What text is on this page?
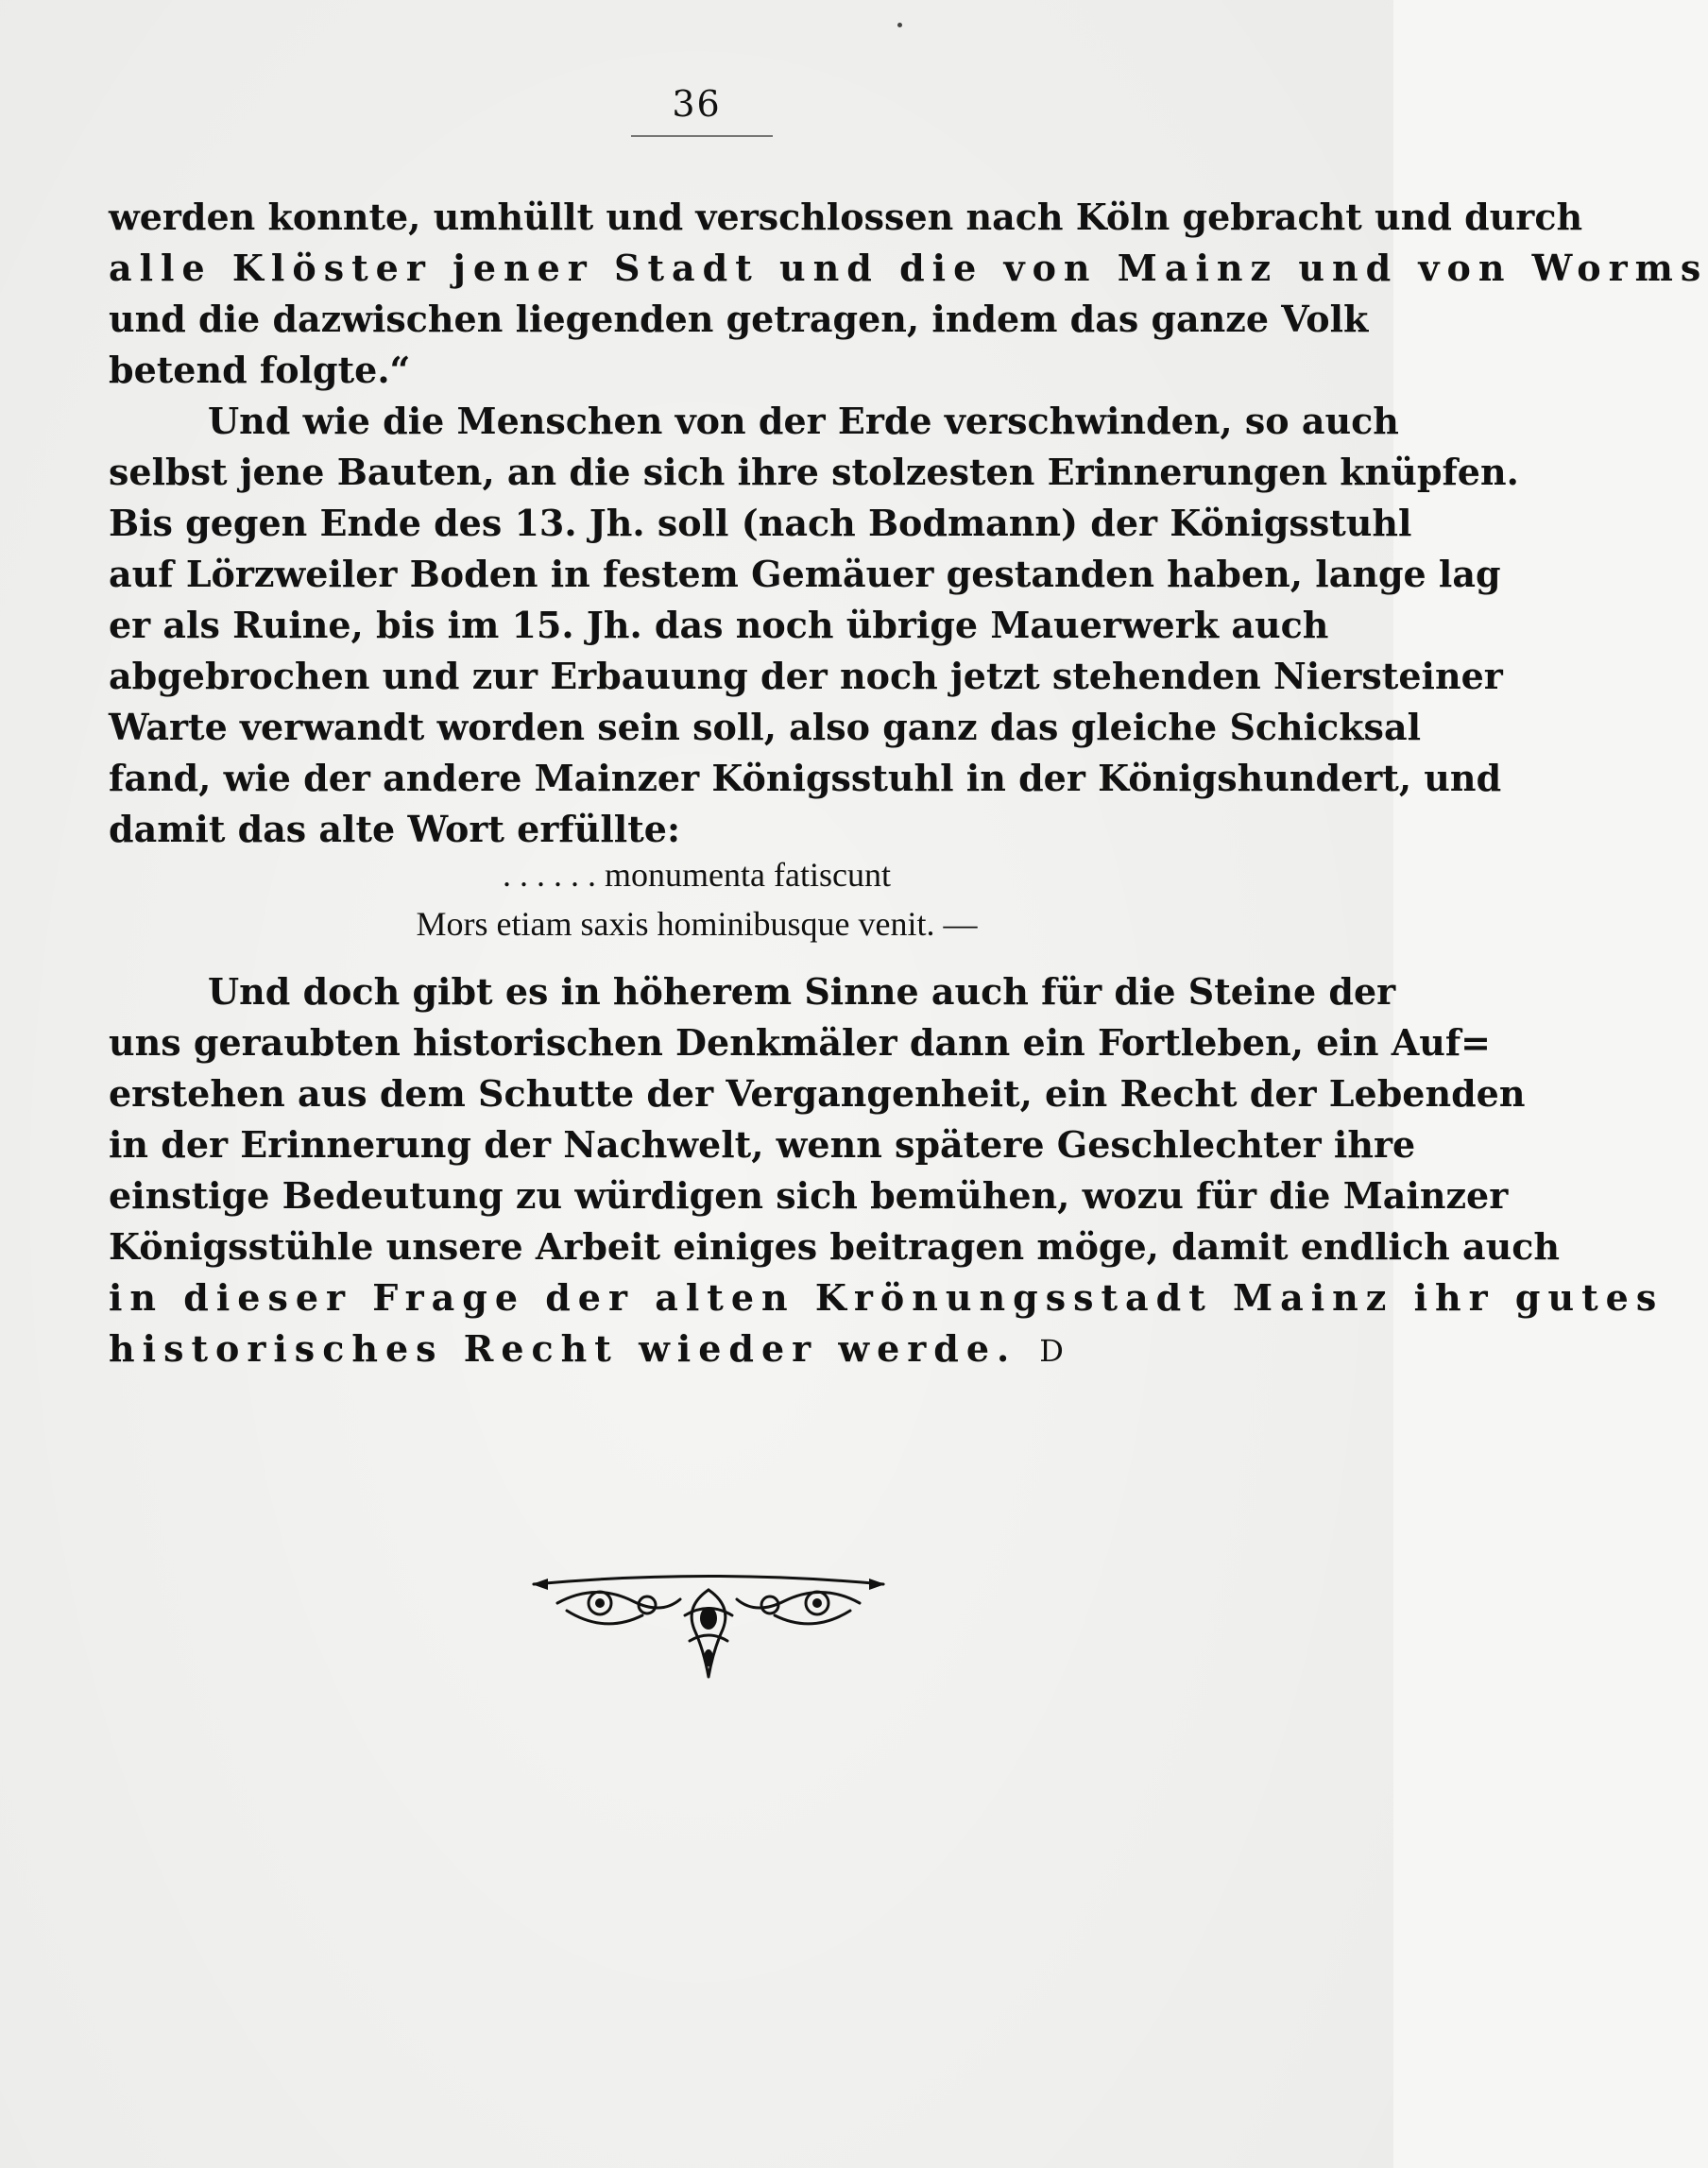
36
werden konnte, umhüllt und verschlossen nach Köln gebracht und durch
alle Klöster jener Stadt und die von Mainz und von Worms
und die dazwischen liegenden getragen, indem das ganze Volk
betend folgte.“
Und wie die Menschen von der Erde verschwinden, so auch
selbst jene Bauten, an die sich ihre stolzesten Erinnerungen knüpfen.
Bis gegen Ende des 13. Jh. soll (nach Bodmann) der Königsstuhl
auf Lörzweiler Boden in festem Gemäuer gestanden haben, lange lag
er als Ruine, bis im 15. Jh. das noch übrige Mauerwerk auch
abgebrochen und zur Erbauung der noch jetzt stehenden Niersteiner
Warte verwandt worden sein soll, also ganz das gleiche Schicksal
fand, wie der andere Mainzer Königsstuhl in der Königshundert, und
damit das alte Wort erfüllte:
. . . . . . monumenta fatiscunt
Mors etiam saxis hominibusque venit. —
Und doch gibt es in höherem Sinne auch für die Steine der
uns geraubten historischen Denkmäler dann ein Fortleben, ein Auf=
erstehen aus dem Schutte der Vergangenheit, ein Recht der Lebenden
in der Erinnerung der Nachwelt, wenn spätere Geschlechter ihre
einstige Bedeutung zu würdigen sich bemühen, wozu für die Mainzer
Königsstühle unsere Arbeit einiges beitragen möge, damit endlich auch
in dieser Frage der alten Krönungsstadt Mainz ihr gutes
historisches Recht wieder werde. D
